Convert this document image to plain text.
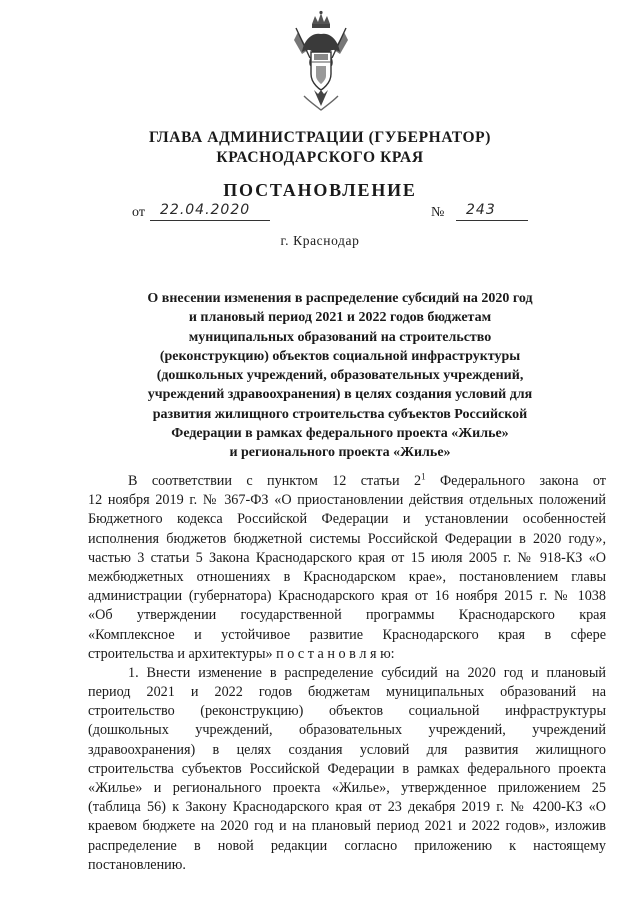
ГЛАВА АДМИНИСТРАЦИИ (ГУБЕРНАТОР)
КРАСНОДАРСКОГО КРАЯ
ПОСТАНОВЛЕНИЕ
от	22.04.2020	№	243
г. Краснодар
О внесении изменения в распределение субсидий на 2020 год
и плановый период 2021 и 2022 годов бюджетам
муниципальных образований на строительство
(реконструкцию) объектов социальной инфраструктуры
(дошкольных учреждений, образовательных учреждений,
учреждений здравоохранения) в целях создания условий для
развития жилищного строительства субъектов Российской
Федерации в рамках федерального проекта «Жилье»
и регионального проекта «Жилье»
В соответствии с пунктом 12 статьи $2^1$ Федерального закона от
12 ноября 2019 г. № 367-ФЗ «О приостановлении действия отдельных положений
Бюджетного кодекса Российской Федерации и установлении особенностей
исполнения бюджетов бюджетной системы Российской Федерации в 2020 году»,
частью 3 статьи 5 Закона Краснодарского края от 15 июля 2005 г. № 918-КЗ «О
межбюджетных отношениях в Краснодарском крае», постановлением главы
администрации (губернатора) Краснодарского края от 16 ноября 2015 г. № 1038
«Об утверждении государственной программы Краснодарского края
«Комплексное и устойчивое развитие Краснодарского края в сфере
строительства и архитектуры» п о с т а н о в л я ю:
1. Внести изменение в распределение субсидий на 2020 год и плановый
период 2021 и 2022 годов бюджетам муниципальных образований на
строительство (реконструкцию) объектов социальной инфраструктуры
(дошкольных учреждений, образовательных учреждений, учреждений
здравоохранения) в целях создания условий для развития жилищного
строительства субъектов Российской Федерации в рамках федерального проекта
«Жилье» и регионального проекта «Жилье», утвержденное приложением 25
(таблица 56) к Закону Краснодарского края от 23 декабря 2019 г. № 4200-КЗ «О
краевом бюджете на 2020 год и на плановый период 2021 и 2022 годов», изложив
распределение в новой редакции согласно приложению к настоящему
постановлению.
